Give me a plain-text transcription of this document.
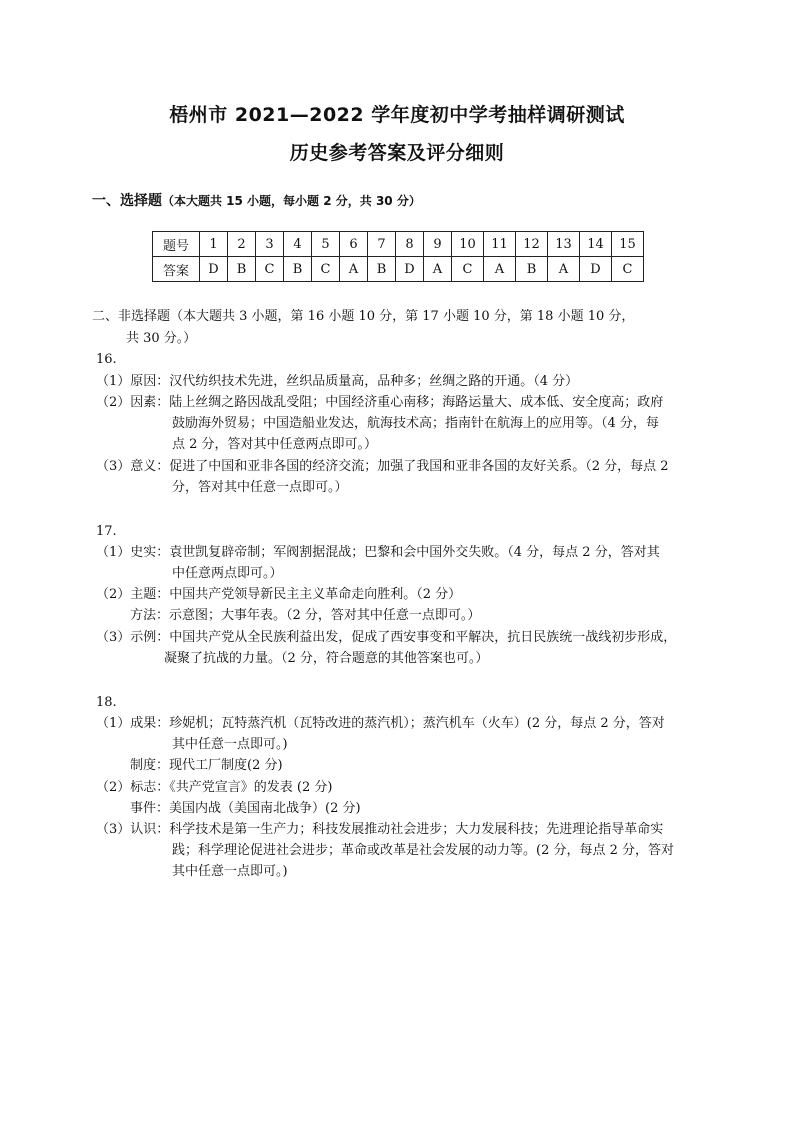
梧州市 2021—2022 学年度初中学考抽样调研测试
历史参考答案及评分细则
一、选择题（本大题共 15 小题，每小题 2 分，共 30 分）
题号	1	2	3	4	5	6	7	8	9	10	11	12	13	14	15
答案	D	B	C	B	C	A	B	D	A	C	A	B	A	D	C
二、非选择题（本大题共 3 小题，第 16 小题 10 分，第 17 小题 10 分，第 18 小题 10 分，
共 30 分。）
16.
（1）原因：汉代纺织技术先进，丝织品质量高，品种多；丝绸之路的开通。（4 分）
（2）因素：陆上丝绸之路因战乱受阻；中国经济重心南移；海路运量大、成本低、安全度高；政府
鼓励海外贸易；中国造船业发达，航海技术高；指南针在航海上的应用等。（4 分，每
点 2 分，答对其中任意两点即可。）
（3）意义：促进了中国和亚非各国的经济交流；加强了我国和亚非各国的友好关系。（2 分，每点 2
分，答对其中任意一点即可。）
17.
（1）史实：袁世凯复辟帝制；军阀割据混战；巴黎和会中国外交失败。（4 分，每点 2 分，答对其
中任意两点即可。）
（2）主题：中国共产党领导新民主主义革命走向胜利。（2 分）
方法：示意图；大事年表。（2 分，答对其中任意一点即可。）
（3）示例：中国共产党从全民族利益出发，促成了西安事变和平解决，抗日民族统一战线初步形成，
凝聚了抗战的力量。（2 分，符合题意的其他答案也可。）
18.
（1）成果：珍妮机；瓦特蒸汽机（瓦特改进的蒸汽机）；蒸汽机车（火车）(2 分，每点 2 分，答对
其中任意一点即可。)
制度：现代工厂制度(2 分)
（2）标志：《共产党宣言》的发表 (2 分)
事件：美国内战（美国南北战争）(2 分)
（3）认识：科学技术是第一生产力；科技发展推动社会进步；大力发展科技；先进理论指导革命实
践；科学理论促进社会进步；革命或改革是社会发展的动力等。(2 分，每点 2 分，答对
其中任意一点即可。)
